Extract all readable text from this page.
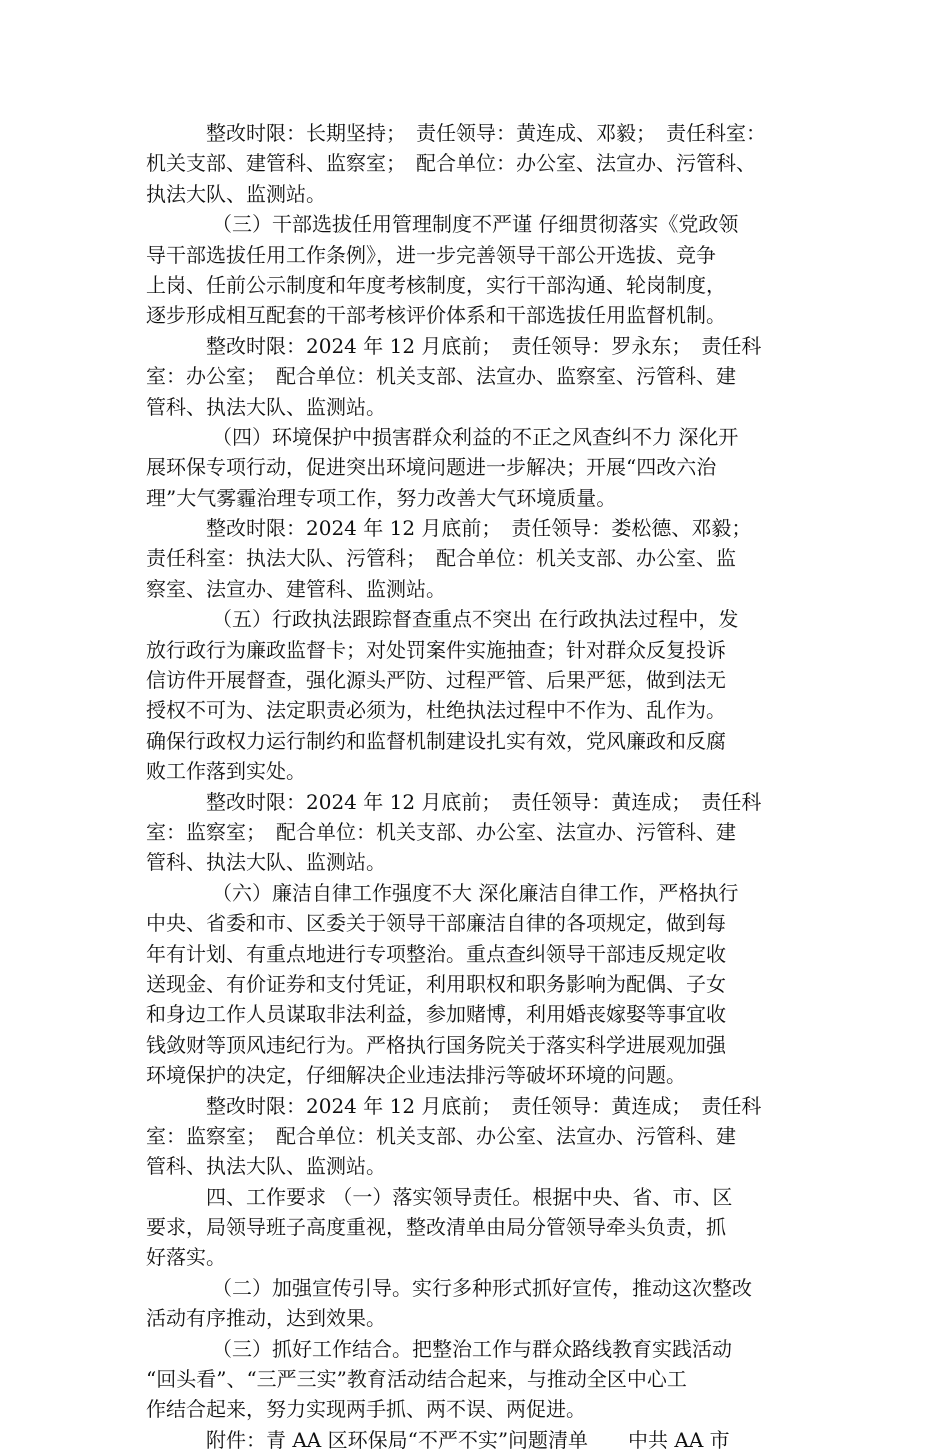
整改时限：长期坚持；　责任领导：黄连成、邓毅；　责任科室：
机关支部、建管科、监察室；　配合单位：办公室、法宣办、污管科、
执法大队、监测站。
（三）干部选拔任用管理制度不严谨 仔细贯彻落实《党政领
导干部选拔任用工作条例》，进一步完善领导干部公开选拔、竞争
上岗、任前公示制度和年度考核制度，实行干部沟通、轮岗制度，
逐步形成相互配套的干部考核评价体系和干部选拔任用监督机制。
整改时限：2024 年 12 月底前；　责任领导：罗永东；　责任科
室：办公室；　配合单位：机关支部、法宣办、监察室、污管科、建
管科、执法大队、监测站。
（四）环境保护中损害群众利益的不正之风查纠不力 深化开
展环保专项行动，促进突出环境问题进一步解决；开展“四改六治
理”大气雾霾治理专项工作，努力改善大气环境质量。
整改时限：2024 年 12 月底前；　责任领导：娄松德、邓毅；
责任科室：执法大队、污管科；　配合单位：机关支部、办公室、监
察室、法宣办、建管科、监测站。
（五）行政执法跟踪督查重点不突出 在行政执法过程中，发
放行政行为廉政监督卡；对处罚案件实施抽查；针对群众反复投诉
信访件开展督查，强化源头严防、过程严管、后果严惩，做到法无
授权不可为、法定职责必须为，杜绝执法过程中不作为、乱作为。
确保行政权力运行制约和监督机制建设扎实有效，党风廉政和反腐
败工作落到实处。
整改时限：2024 年 12 月底前；　责任领导：黄连成；　责任科
室：监察室；　配合单位：机关支部、办公室、法宣办、污管科、建
管科、执法大队、监测站。
（六）廉洁自律工作强度不大 深化廉洁自律工作，严格执行
中央、省委和市、区委关于领导干部廉洁自律的各项规定，做到每
年有计划、有重点地进行专项整治。重点查纠领导干部违反规定收
送现金、有价证券和支付凭证，利用职权和职务影响为配偶、子女
和身边工作人员谋取非法利益，参加赌博，利用婚丧嫁娶等事宜收
钱敛财等顶风违纪行为。严格执行国务院关于落实科学进展观加强
环境保护的决定，仔细解决企业违法排污等破坏环境的问题。
整改时限：2024 年 12 月底前；　责任领导：黄连成；　责任科
室：监察室；　配合单位：机关支部、办公室、法宣办、污管科、建
管科、执法大队、监测站。
四、工作要求 （一）落实领导责任。根据中央、省、市、区
要求，局领导班子高度重视，整改清单由局分管领导牵头负责，抓
好落实。
（二）加强宣传引导。实行多种形式抓好宣传，推动这次整改
活动有序推动，达到效果。
（三）抓好工作结合。把整治工作与群众路线教育实践活动
“回头看”、“三严三实”教育活动结合起来，与推动全区中心工
作结合起来，努力实现两手抓、两不误、两促进。
附件：青 AA 区环保局“不严不实”问题清单　　中共 AA 市
